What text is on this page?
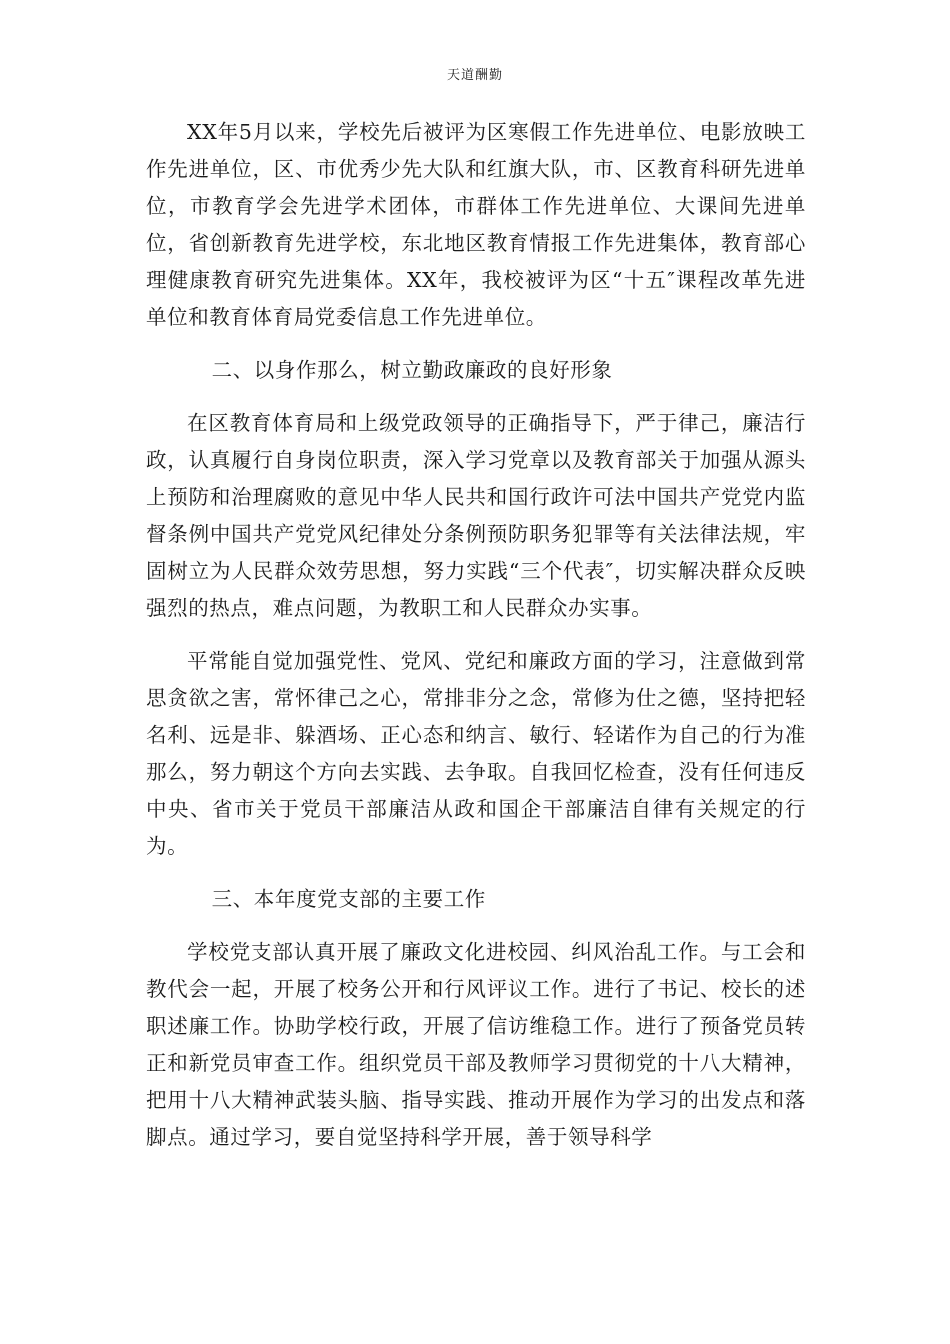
天道酬勤

XX年5月以来，学校先后被评为区寒假工作先进单位、电影放映工作先进单位，区、市优秀少先大队和红旗大队，市、区教育科研先进单位，市教育学会先进学术团体，市群体工作先进单位、大课间先进单位，省创新教育先进学校，东北地区教育情报工作先进集体，教育部心理健康教育研究先进集体。XX年，我校被评为区“十五″课程改革先进单位和教育体育局党委信息工作先进单位。

二、以身作那么，树立勤政廉政的良好形象

在区教育体育局和上级党政领导的正确指导下，严于律己，廉洁行政，认真履行自身岗位职责，深入学习党章以及教育部关于加强从源头上预防和治理腐败的意见中华人民共和国行政许可法中国共产党党内监督条例中国共产党党风纪律处分条例预防职务犯罪等有关法律法规，牢固树立为人民群众效劳思想，努力实践“三个代表″，切实解决群众反映强烈的热点，难点问题，为教职工和人民群众办实事。

平常能自觉加强党性、党风、党纪和廉政方面的学习，注意做到常思贪欲之害，常怀律己之心，常排非分之念，常修为仕之德，坚持把轻名利、远是非、躲酒场、正心态和纳言、敏行、轻诺作为自己的行为准那么，努力朝这个方向去实践、去争取。自我回忆检查，没有任何违反中央、省市关于党员干部廉洁从政和国企干部廉洁自律有关规定的行为。

三、本年度党支部的主要工作

学校党支部认真开展了廉政文化进校园、纠风治乱工作。与工会和教代会一起，开展了校务公开和行风评议工作。进行了书记、校长的述职述廉工作。协助学校行政，开展了信访维稳工作。进行了预备党员转正和新党员审查工作。组织党员干部及教师学习贯彻党的十八大精神，把用十八大精神武装头脑、指导实践、推动开展作为学习的出发点和落脚点。通过学习，要自觉坚持科学开展，善于领导科学
